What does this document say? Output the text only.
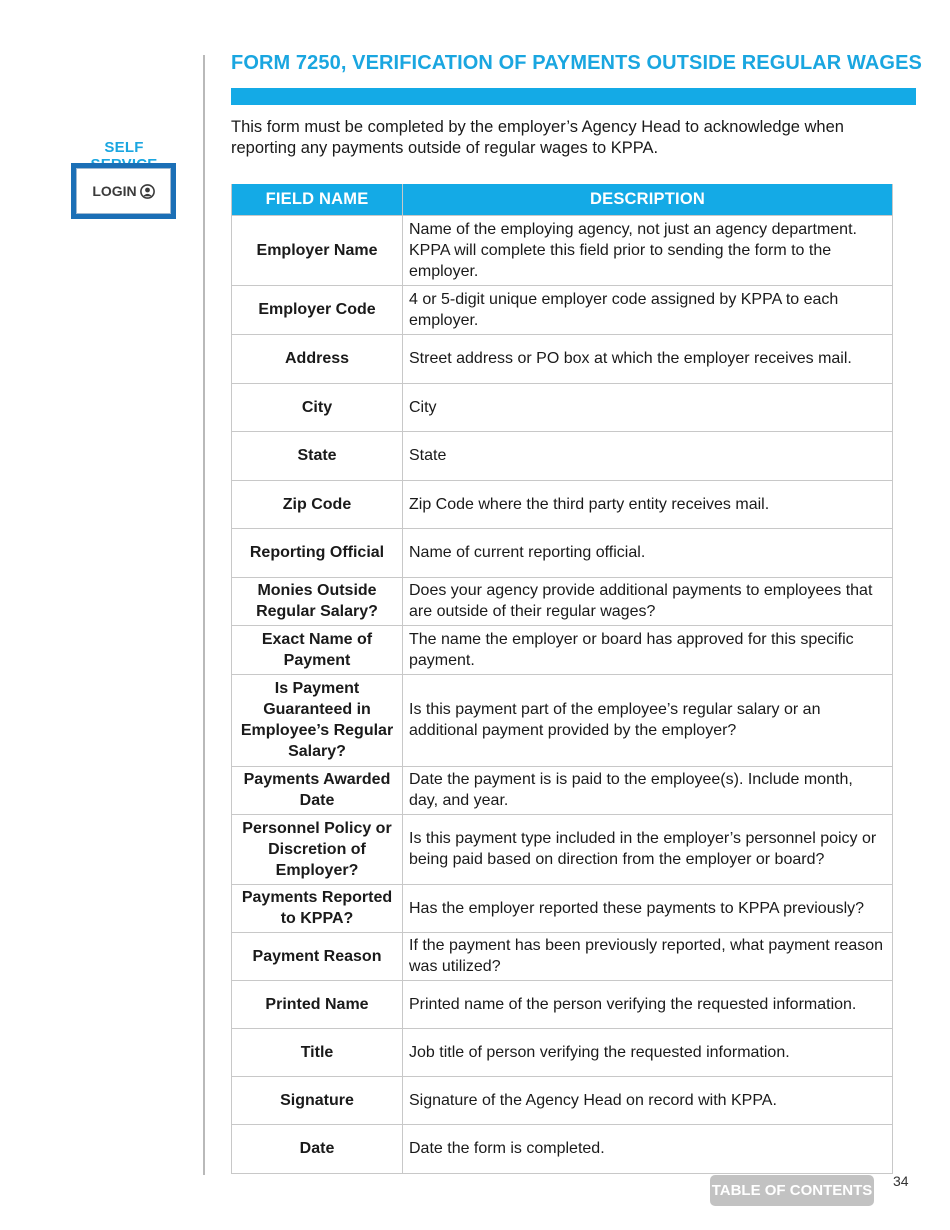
SELF
LOGIN
FORM 7250, VERIFICATION OF PAYMENTS OUTSIDE REGULAR WAGES

This form must be completed by the employer’s Agency Head to acknowledge when reporting any payments outside of regular wages to KPPA.

FIELD NAME	DESCRIPTION
Employer Name	Name of the employing agency, not just an agency department. KPPA will complete this field prior to sending the form to the employer.
Employer Code	4 or 5-digit unique employer code assigned by KPPA to each employer.
Address	Street address or PO box at which the employer receives mail.
City	City
State	State
Zip Code	Zip Code where the third party entity receives mail.
Reporting Official	Name of current reporting official.
Monies Outside Regular Salary?	Does your agency provide additional payments to employees that are outside of their regular wages?
Exact Name of Payment	The name the employer or board has approved for this specific payment.
Is Payment Guaranteed in Employee’s Regular Salary?	Is this payment part of the employee’s regular salary or an additional payment provided by the employer?
Payments Awarded Date	Date the payment is is paid to the employee(s). Include month, day, and year.
Personnel Policy or Discretion of Employer?	Is this payment type included in the employer’s personnel poicy or being paid based on direction from the employer or board?
Payments Reported to KPPA?	Has the employer reported these payments to KPPA previously?
Payment Reason	If the payment has been previously reported, what payment reason was utilized?
Printed Name	Printed name of the person verifying the requested information.
Title	Job title of person verifying the requested information.
Signature	Signature of the Agency Head on record with KPPA.
Date	Date the form is completed.
TABLE OF CONTENTS
34
